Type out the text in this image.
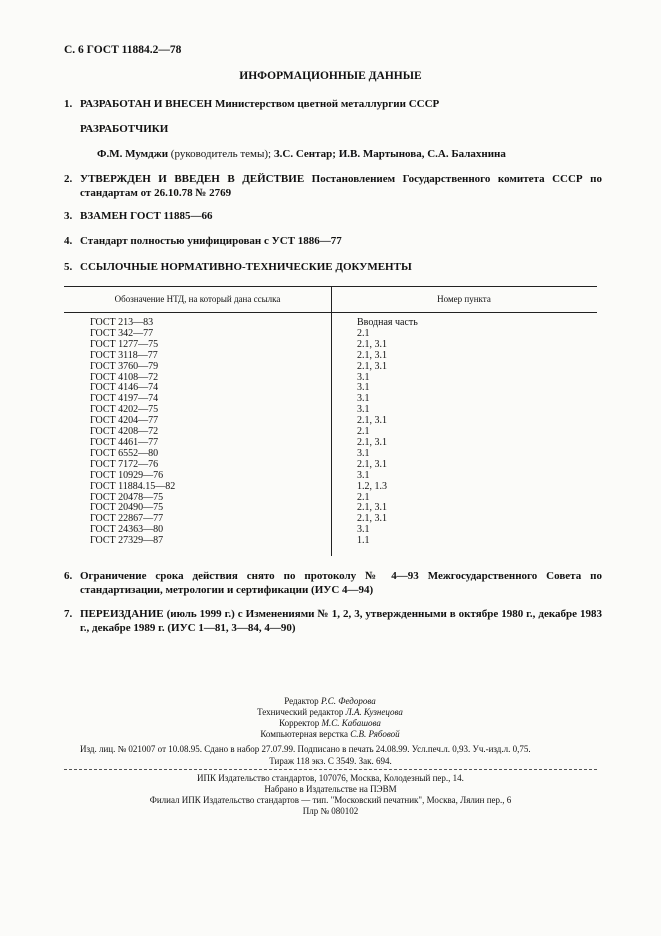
С. 6 ГОСТ 11884.2—78
ИНФОРМАЦИОННЫЕ ДАННЫЕ
1. РАЗРАБОТАН И ВНЕСЕН Министерством цветной металлургии СССР
РАЗРАБОТЧИКИ
Ф.М. Мумджи (руководитель темы); З.С. Сентар; И.В. Мартынова, С.А. Балахнина
2. УТВЕРЖДЕН И ВВЕДЕН В ДЕЙСТВИЕ Постановлением Государственного комитета СССР по стандартам от 26.10.78 № 2769
3. ВЗАМЕН ГОСТ 11885—66
4. Стандарт полностью унифицирован с УСТ 1886—77
5. ССЫЛОЧНЫЕ НОРМАТИВНО-ТЕХНИЧЕСКИЕ ДОКУМЕНТЫ
Обозначение НТД, на который дана ссылка	Номер пункта
ГОСТ 213—83
ГОСТ 342—77
ГОСТ 1277—75
ГОСТ 3118—77
ГОСТ 3760—79
ГОСТ 4108—72
ГОСТ 4146—74
ГОСТ 4197—74
ГОСТ 4202—75
ГОСТ 4204—77
ГОСТ 4208—72
ГОСТ 4461—77
ГОСТ 6552—80
ГОСТ 7172—76
ГОСТ 10929—76
ГОСТ 11884.15—82
ГОСТ 20478—75
ГОСТ 20490—75
ГОСТ 22867—77
ГОСТ 24363—80
ГОСТ 27329—87
Вводная часть
2.1
2.1, 3.1
2.1, 3.1
2.1, 3.1
3.1
3.1
3.1
3.1
2.1, 3.1
2.1
2.1, 3.1
3.1
2.1, 3.1
3.1
1.2, 1.3
2.1
2.1, 3.1
2.1, 3.1
3.1
1.1
6. Ограничение срока действия снято по протоколу № 4—93 Межгосударственного Совета по стандартизации, метрологии и сертификации (ИУС 4—94)
7. ПЕРЕИЗДАНИЕ (июль 1999 г.) с Изменениями № 1, 2, 3, утвержденными в октябре 1980 г., декабре 1983 г., декабре 1989 г. (ИУС 1—81, 3—84, 4—90)
Редактор Р.С. Федорова
Технический редактор Л.А. Кузнецова
Корректор М.С. Кабашова
Компьютерная верстка С.В. Рябовой
Изд. лиц. № 021007 от 10.08.95. Сдано в набор 27.07.99. Подписано в печать 24.08.99. Усл.печ.л. 0,93. Уч.-изд.л. 0,75.
Тираж 118 экз. С 3549. Зак. 694.
ИПК Издательство стандартов, 107076, Москва, Колодезный пер., 14.
Набрано в Издательстве на ПЭВМ
Филиал ИПК Издательство стандартов — тип. "Московский печатник", Москва, Лялин пер., 6
Плр № 080102
